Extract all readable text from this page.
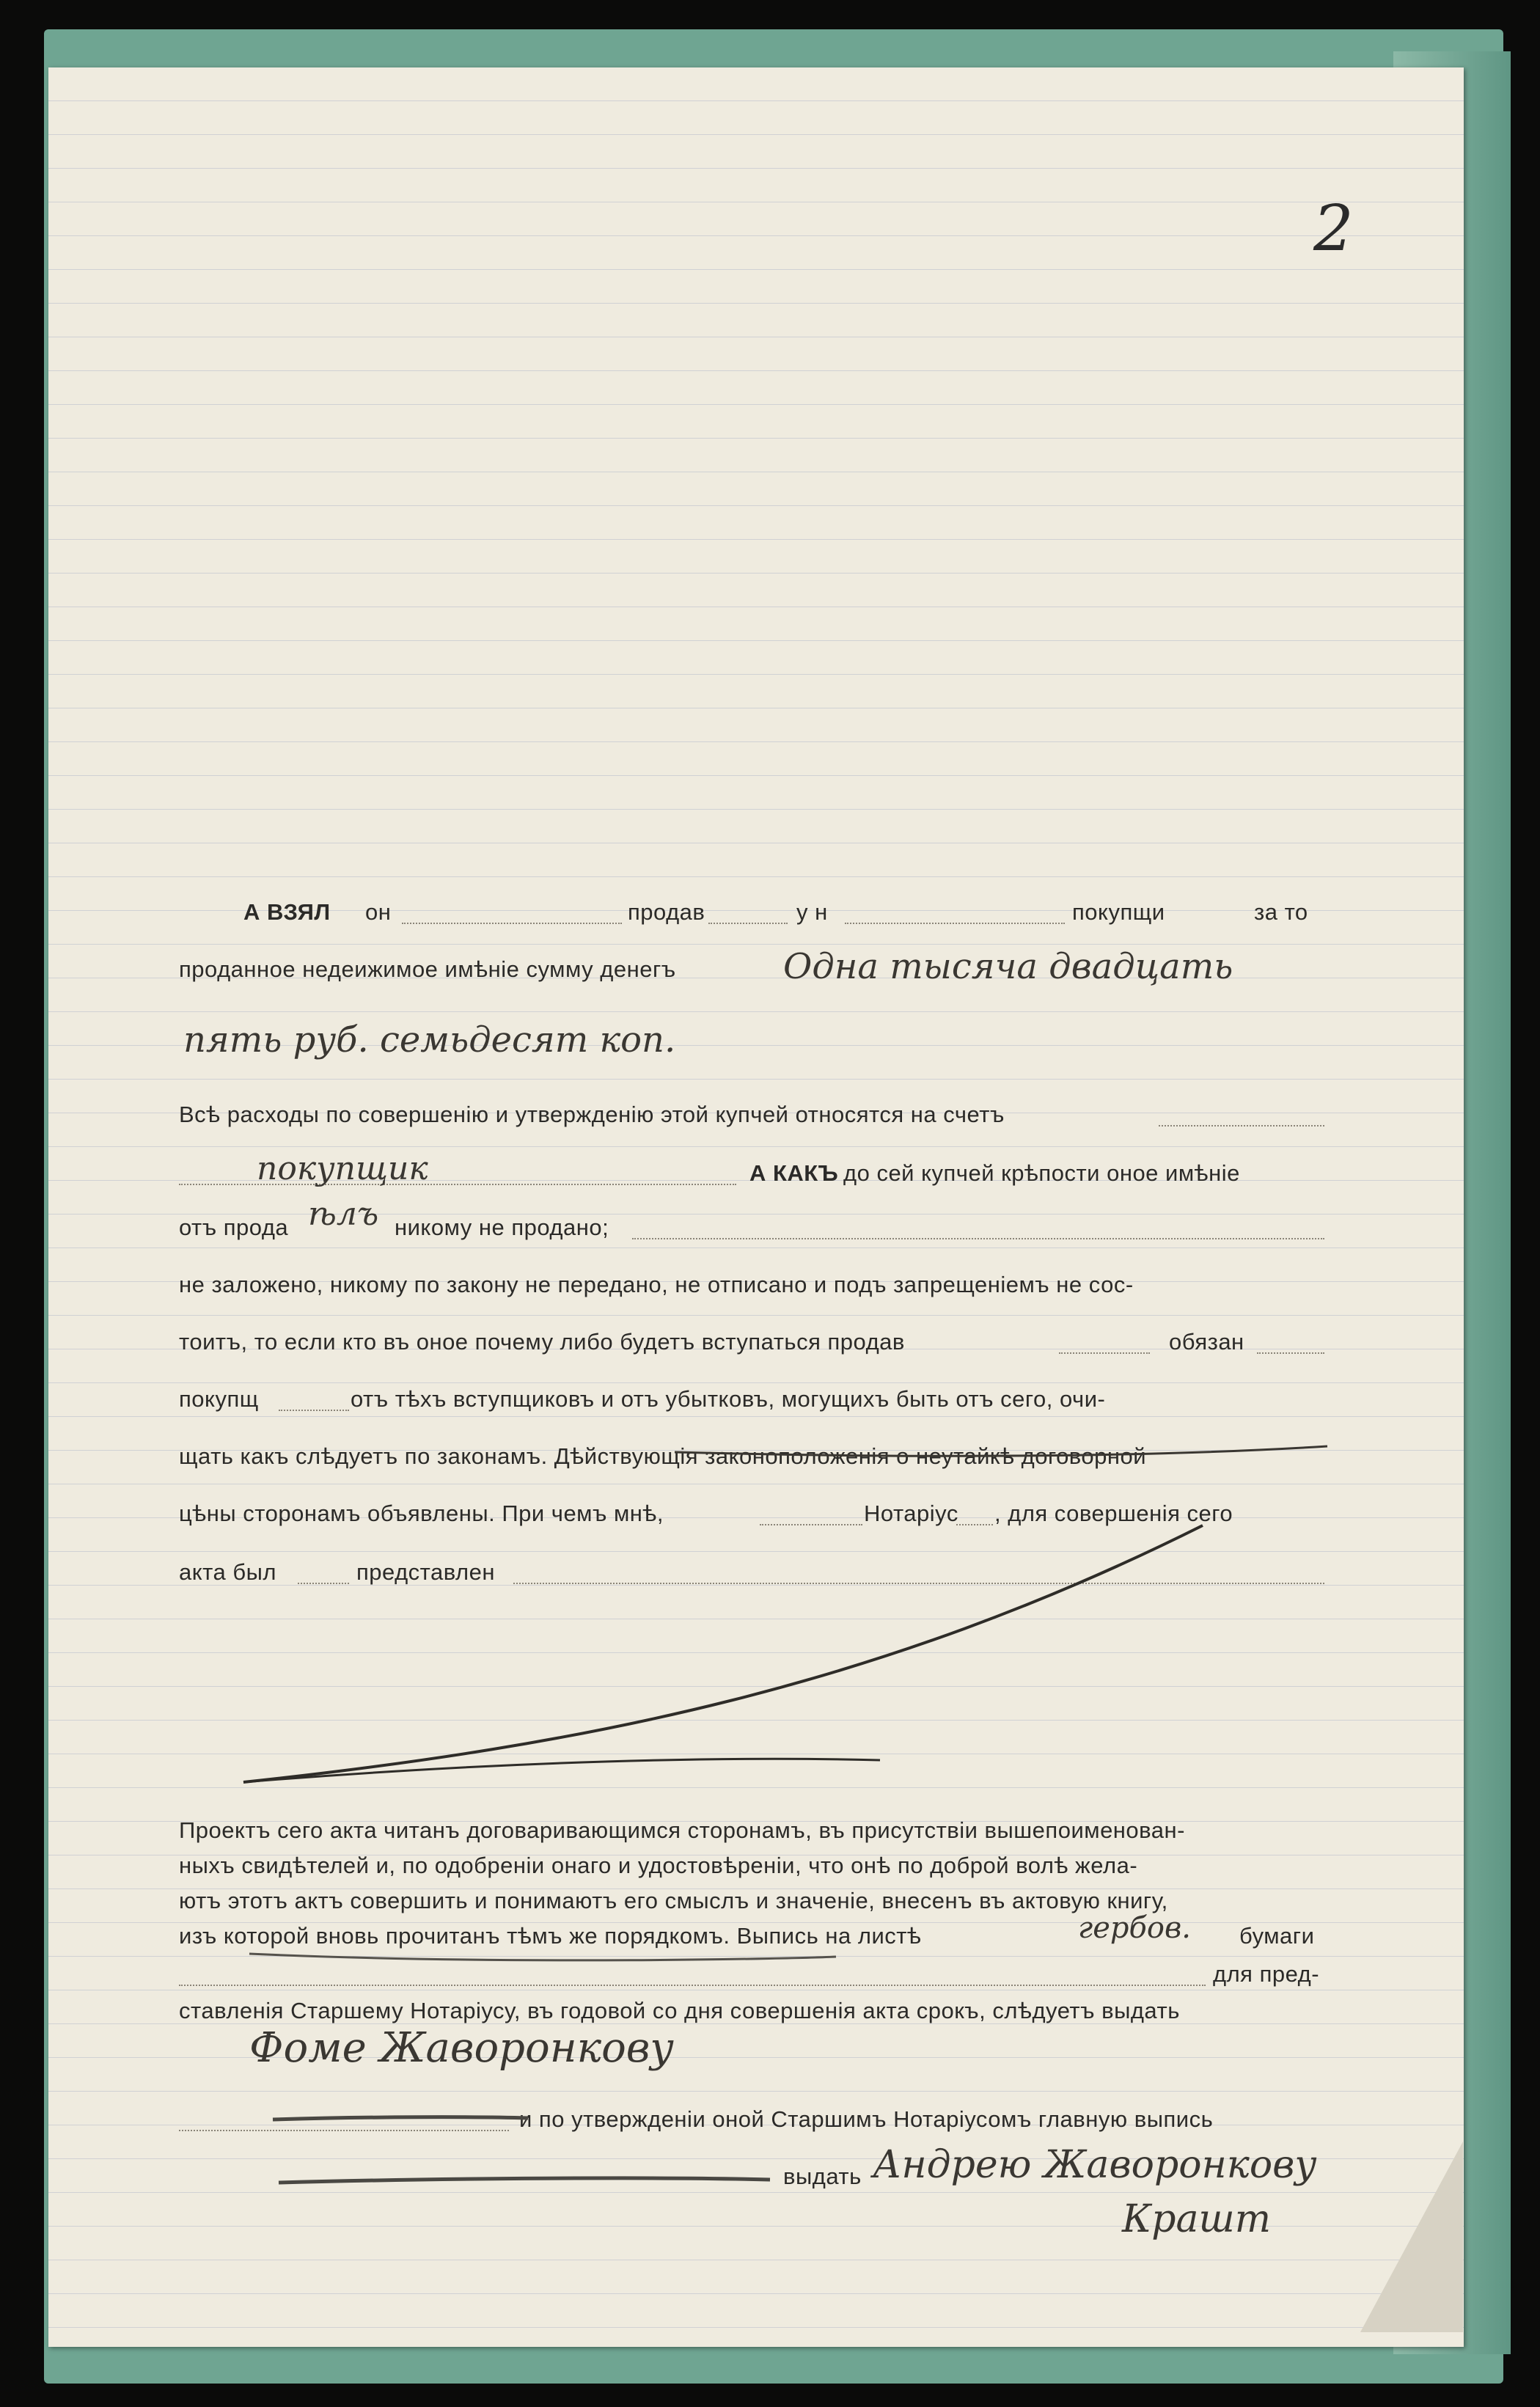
2
А ВЗЯЛ он	продав	у н	покупщи	за то
проданное недеижимое имѣніе сумму денегъ	Одна тысяча двадцать
пять руб. семьдесят коп.
Всѣ расходы по совершенію и утвержденію этой купчей относятся на счетъ
покупщик	А КАКЪ до сей купчей крѣпости оное имѣніе
отъ прода ѣлъ никому не продано;
не заложено, никому по закону не передано, не отписано и подъ запрещеніемъ не сос-
тоитъ, то если кто въ оное почему либо будетъ вступаться продав	обязан
покупщ	отъ тѣхъ вступщиковъ и отъ убытковъ, могущихъ быть отъ сего, очи-
щать какъ слѣдуетъ по законамъ. Дѣйствующія законоположенія о неутайкѣ договорной
цѣны сторонамъ объявлены. При чемъ мнѣ,	Нотаріус , для совершенія сего
акта был	представлен
Проектъ сего акта читанъ договаривающимся сторонамъ, въ присутствіи вышепоименован-
ныхъ свидѣтелей и, по одобреніи онаго и удостовѣреніи, что онѣ по доброй волѣ жела-
ютъ этотъ актъ совершить и понимаютъ его смыслъ и значеніе, внесенъ въ актовую книгу,
изъ которой вновь прочитанъ тѣмъ же порядкомъ. Выпись на листѣ	гербов. бумаги
для пред-
ставленія Старшему Нотаріусу, въ годовой со дня совершенія акта срокъ, слѣдуетъ выдать
Фоме Жаворонкову
и по утвержденіи оной Старшимъ Нотаріусомъ главную выпись
выдать Андрею Жаворонкову
Крашт
